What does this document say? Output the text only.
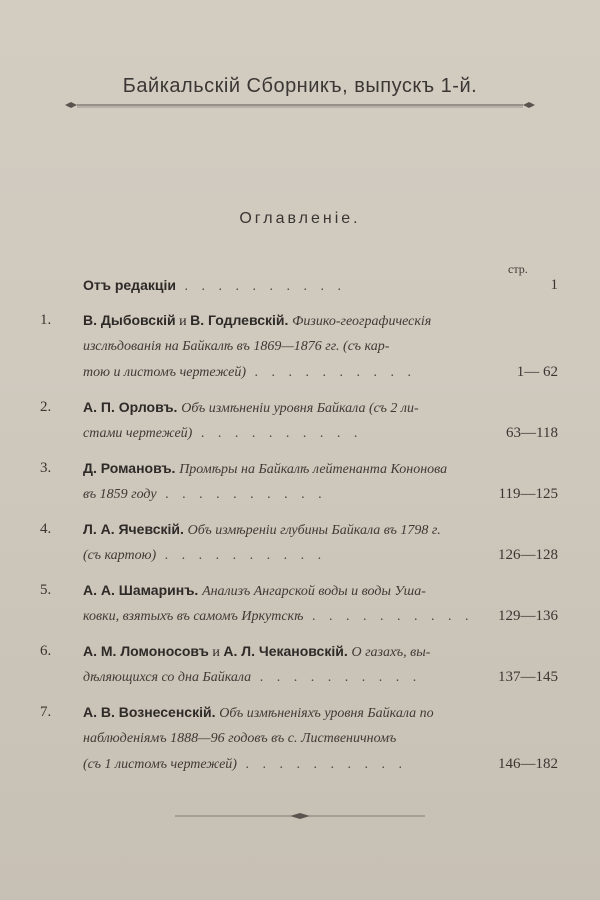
Байкальскій Сборникъ, выпускъ 1-й.
Оглавленіе.
стр.
Отъ редакціи . . . . . . . . . .	1
1.	В. Дыбовскій и В. Годлевскій. Физико-географическія
изслѣдованія на Байкалѣ въ 1869—1876 гг. (съ кар-
тою и листомъ чертежей) . . . . . . . . . .	1— 62
2.	А. П. Орловъ. Объ измѣненіи уровня Байкала (съ 2 ли-
стами чертежей) . . . . . . . . . .	63—118
3.	Д. Романовъ. Промѣры на Байкалѣ лейтенанта Кононова
въ 1859 году . . . . . . . . . .	119—125
4.	Л. А. Ячевскій. Объ измѣреніи глубины Байкала въ 1798 г.
(съ картою) . . . . . . . . . .	126—128
5.	А. А. Шамаринъ. Анализъ Ангарской воды и воды Ушa-
ковки, взятыхъ въ самомъ Иркутскѣ . . . . . . . . . .	129—136
6.	А. М. Ломоносовъ и А. Л. Чекановскій. О газахъ, вы-
дѣляющихся со дна Байкала . . . . . . . . . .	137—145
7.	А. В. Вознесенскій. Объ измѣненіяхъ уровня Байкала по
наблюденіямъ 1888—96 годовъ въ с. Лиственичномъ
(съ 1 листомъ чертежей) . . . . . . . . . .	146—182
